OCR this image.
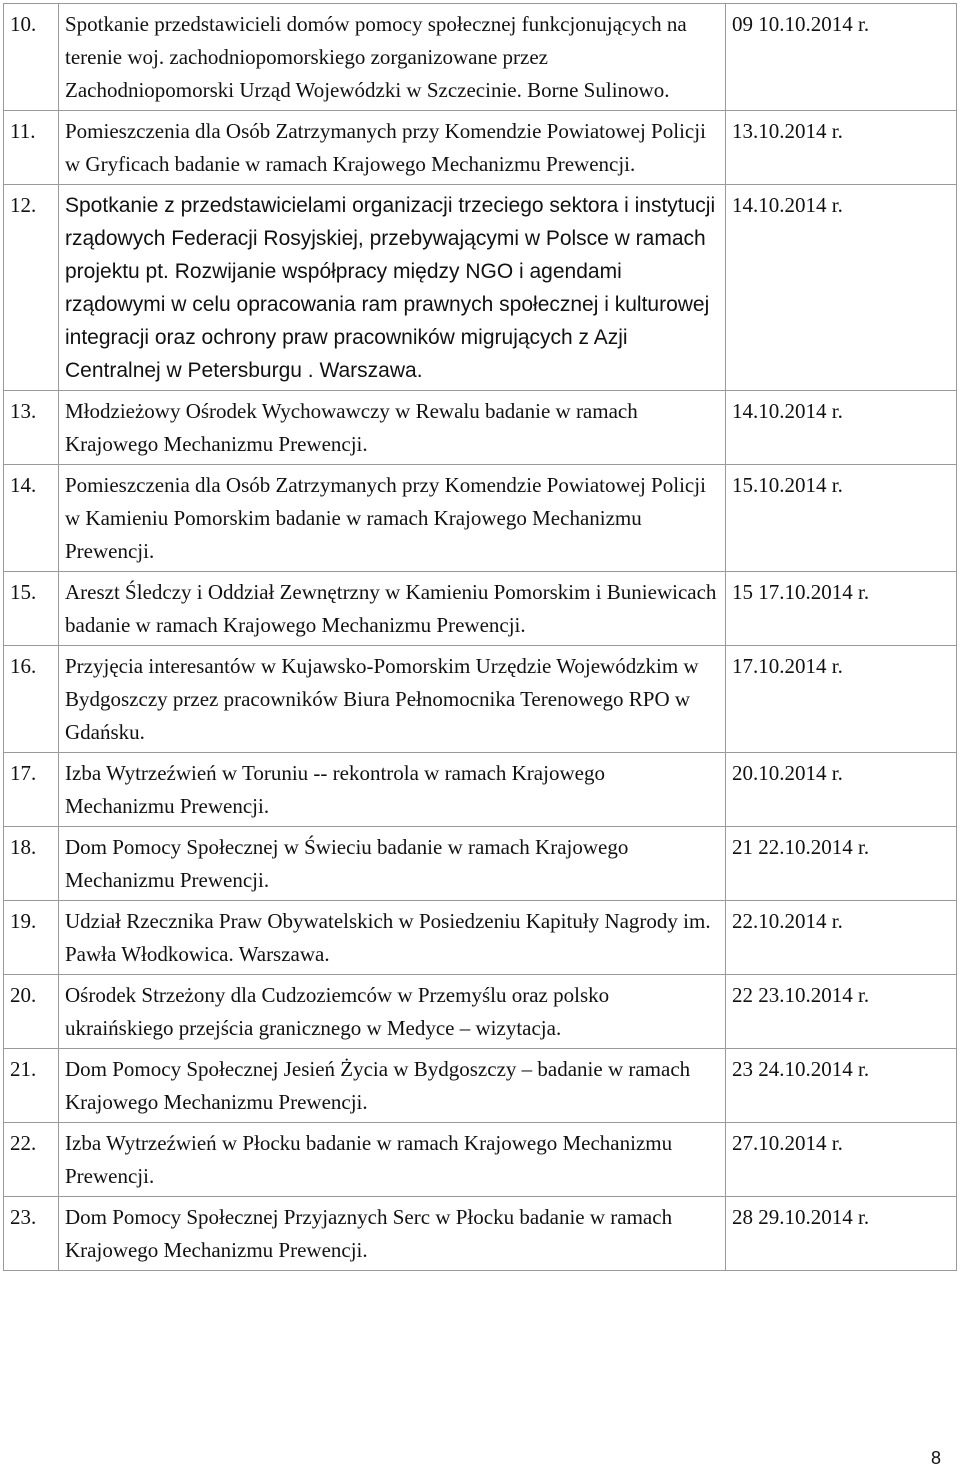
10.	Spotkanie przedstawicieli domów pomocy społecznej funkcjonujących na terenie woj. zachodniopomorskiego zorganizowane przez Zachodniopomorski Urząd Wojewódzki w Szczecinie. Borne Sulinowo.	09 10.10.2014 r.
11.	Pomieszczenia dla Osób Zatrzymanych przy Komendzie Powiatowej Policji w Gryficach badanie w ramach Krajowego Mechanizmu Prewencji.	13.10.2014 r.
12.	Spotkanie z przedstawicielami organizacji trzeciego sektora i instytucji rządowych Federacji Rosyjskiej, przebywającymi w Polsce w ramach projektu pt. Rozwijanie współpracy między NGO i agendami rządowymi w celu opracowania ram prawnych społecznej i kulturowej integracji oraz ochrony praw pracowników migrujących z Azji Centralnej w Petersburgu . Warszawa.	14.10.2014 r.
13.	Młodzieżowy Ośrodek Wychowawczy w Rewalu badanie w ramach Krajowego Mechanizmu Prewencji.	14.10.2014 r.
14.	Pomieszczenia dla Osób Zatrzymanych przy Komendzie Powiatowej Policji w Kamieniu Pomorskim badanie w ramach Krajowego Mechanizmu Prewencji.	15.10.2014 r.
15.	Areszt Śledczy i Oddział Zewnętrzny w Kamieniu Pomorskim i Buniewicach badanie w ramach Krajowego Mechanizmu Prewencji.	15 17.10.2014 r.
16.	Przyjęcia interesantów w Kujawsko-Pomorskim Urzędzie Wojewódzkim w Bydgoszczy przez pracowników Biura Pełnomocnika Terenowego RPO w Gdańsku.	17.10.2014 r.
17.	Izba Wytrzeźwień w Toruniu -- rekontrola w ramach Krajowego Mechanizmu Prewencji.	20.10.2014 r.
18.	Dom Pomocy Społecznej w Świeciu badanie w ramach Krajowego Mechanizmu Prewencji.	21 22.10.2014 r.
19.	Udział Rzecznika Praw Obywatelskich w Posiedzeniu Kapituły Nagrody im. Pawła Włodkowica. Warszawa.	22.10.2014 r.
20.	Ośrodek Strzeżony dla Cudzoziemców w Przemyślu oraz polsko ukraińskiego przejścia granicznego w Medyce – wizytacja.	22 23.10.2014 r.
21.	Dom Pomocy Społecznej Jesień Życia w Bydgoszczy – badanie w ramach Krajowego Mechanizmu Prewencji.	23 24.10.2014 r.
22.	Izba Wytrzeźwień w Płocku badanie w ramach Krajowego Mechanizmu Prewencji.	27.10.2014 r.
23.	Dom Pomocy Społecznej Przyjaznych Serc w Płocku badanie w ramach Krajowego Mechanizmu Prewencji.	28 29.10.2014 r.
8
